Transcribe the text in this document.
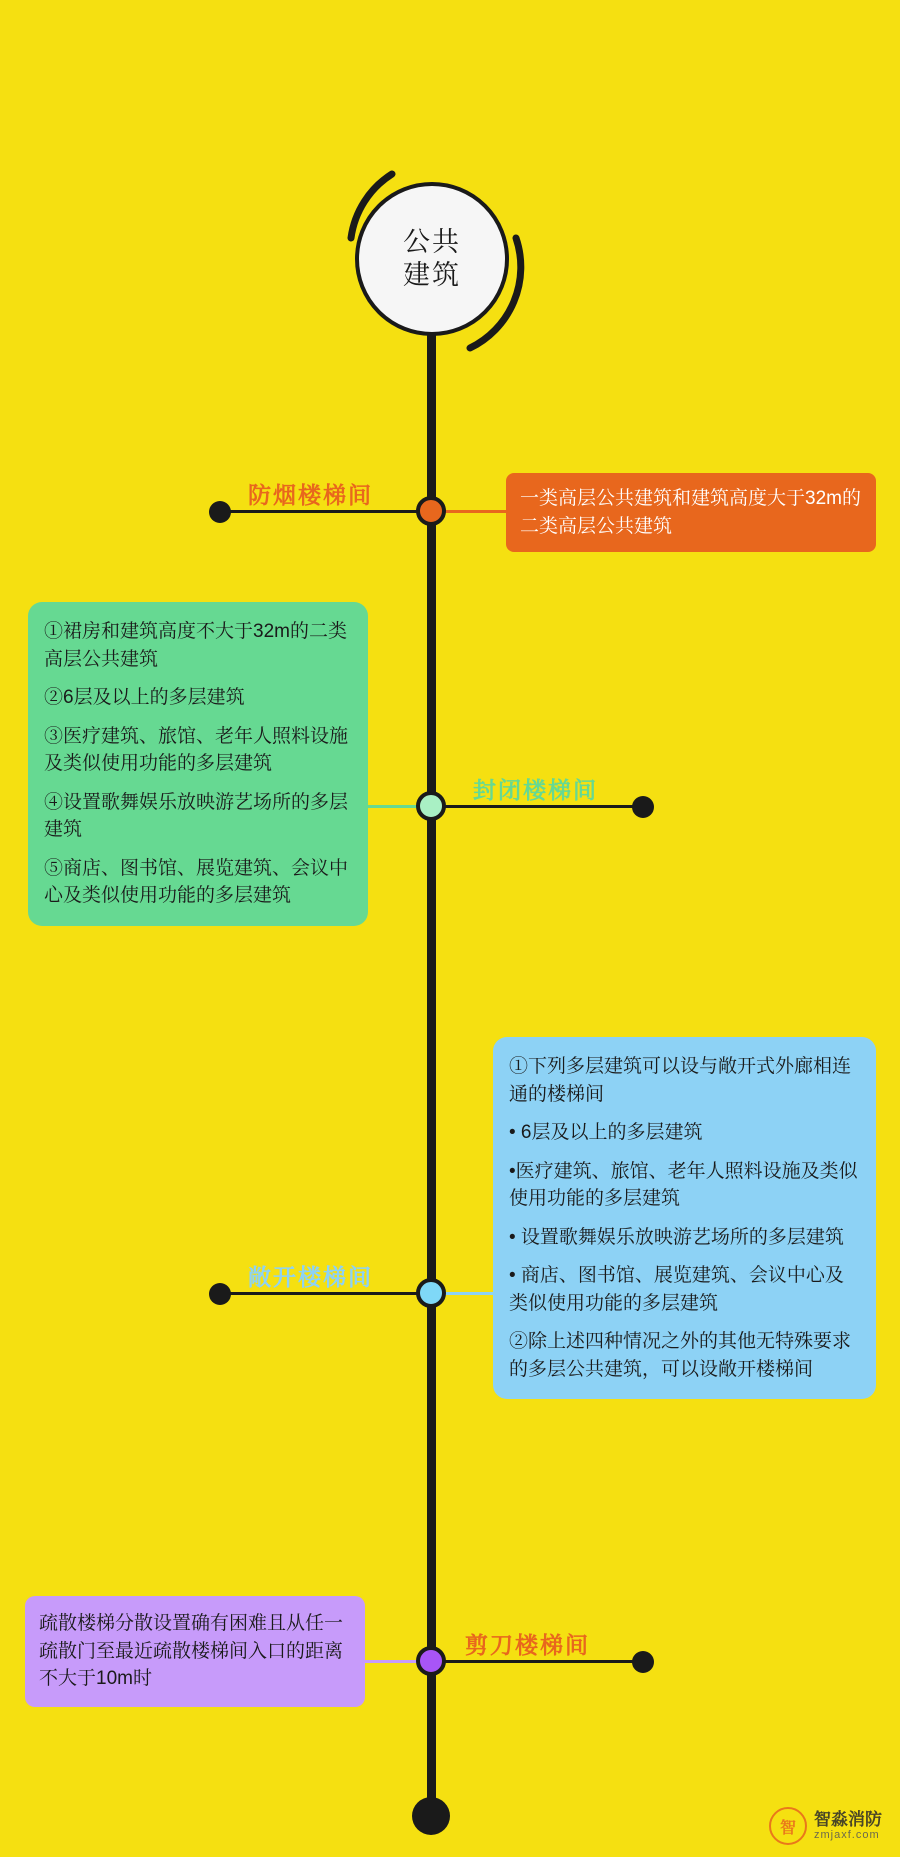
公共
建筑
防烟楼梯间	一类高层公共建筑和建筑高度大于32m的二类高层公共建筑

封闭楼梯间

①裙房和建筑高度不大于32m的二类高层公共建筑

②6层及以上的多层建筑

③医疗建筑、旅馆、老年人照料设施及类似使用功能的多层建筑

④设置歌舞娱乐放映游艺场所的多层建筑

⑤商店、图书馆、展览建筑、会议中心及类似使用功能的多层建筑

敞开楼梯间

①下列多层建筑可以设与敞开式外廊相连通的楼梯间

• 6层及以上的多层建筑

•医疗建筑、旅馆、老年人照料设施及类似使用功能的多层建筑

• 设置歌舞娱乐放映游艺场所的多层建筑

• 商店、图书馆、展览建筑、会议中心及类似使用功能的多层建筑

②除上述四种情况之外的其他无特殊要求的多层公共建筑，可以设敞开楼梯间

剪刀楼梯间

疏散楼梯分散设置确有困难且从任一疏散门至最近疏散楼梯间入口的距离不大于10m时

智	智淼消防
zmjaxf.com
